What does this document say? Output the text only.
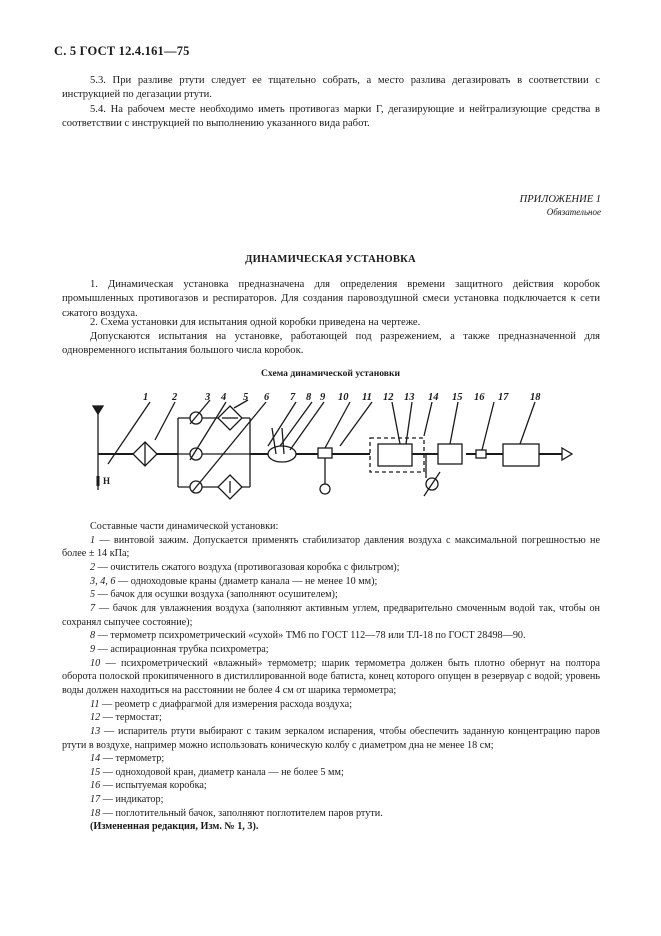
С. 5 ГОСТ 12.4.161—75
5.3. При разливе ртути следует ее тщательно собрать, а место разлива дегазировать в соответствии с инструкцией по дегазации ртути.
5.4. На рабочем месте необходимо иметь противогаз марки Г, дегазирующие и нейтрализующие средства в соответствии с инструкцией по выполнению указанного вида работ.
ПРИЛОЖЕНИЕ 1
Обязательное
ДИНАМИЧЕСКАЯ УСТАНОВКА
1. Динамическая установка предназначена для определения времени защитного действия коробок промышленных противогазов и респираторов. Для создания паровоздушной смеси установка подключается к сети сжатого воздуха.
2. Схема установки для испытания одной коробки приведена на чертеже.
Допускаются испытания на установке, работающей под разрежением, а также предназначенной для одновременного испытания большого числа коробок.
Схема динамической установки
1 2	3 4 5 6 7 8 9 10 11 12 13 14 15 16 17 18
Н

Составные части динамической установки:

1 — винтовой зажим. Допускается применять стабилизатор давления воздуха с максимальной погрешностью не более ± 14 кПа;

2 — очиститель сжатого воздуха (противогазовая коробка с фильтром);

3, 4, 6 — одноходовые краны (диаметр канала — не менее 10 мм);

5 — бачок для осушки воздуха (заполняют осушителем);

7 — бачок для увлажнения воздуха (заполняют активным углем, предварительно смоченным водой так, чтобы он сохранял сыпучее состояние);

8 — термометр психрометрический «сухой» ТМ6 по ГОСТ 112—78 или ТЛ-18 по ГОСТ 28498—90.

9 — аспирационная трубка психрометра;

10 — психрометрический «влажный» термометр; шарик термометра должен быть плотно обернут на полтора оборота полоской прокипяченного в дистиллированной воде батиста, конец которого опущен в резервуар с водой; уровень воды должен находиться на расстоянии не более 4 см от шарика термометра;

11 — реометр с диафрагмой для измерения расхода воздуха;

12 — термостат;

13 — испаритель ртути выбирают с таким зеркалом испарения, чтобы обеспечить заданную концентрацию паров ртути в воздухе, например можно использовать коническую колбу с диаметром дна не менее 18 см;

14 — термометр;

15 — одноходовой кран, диаметр канала — не более 5 мм;

16 — испытуемая коробка;

17 — индикатор;

18 — поглотительный бачок, заполняют поглотителем паров ртути.

(Измененная редакция, Изм. № 1, 3).
